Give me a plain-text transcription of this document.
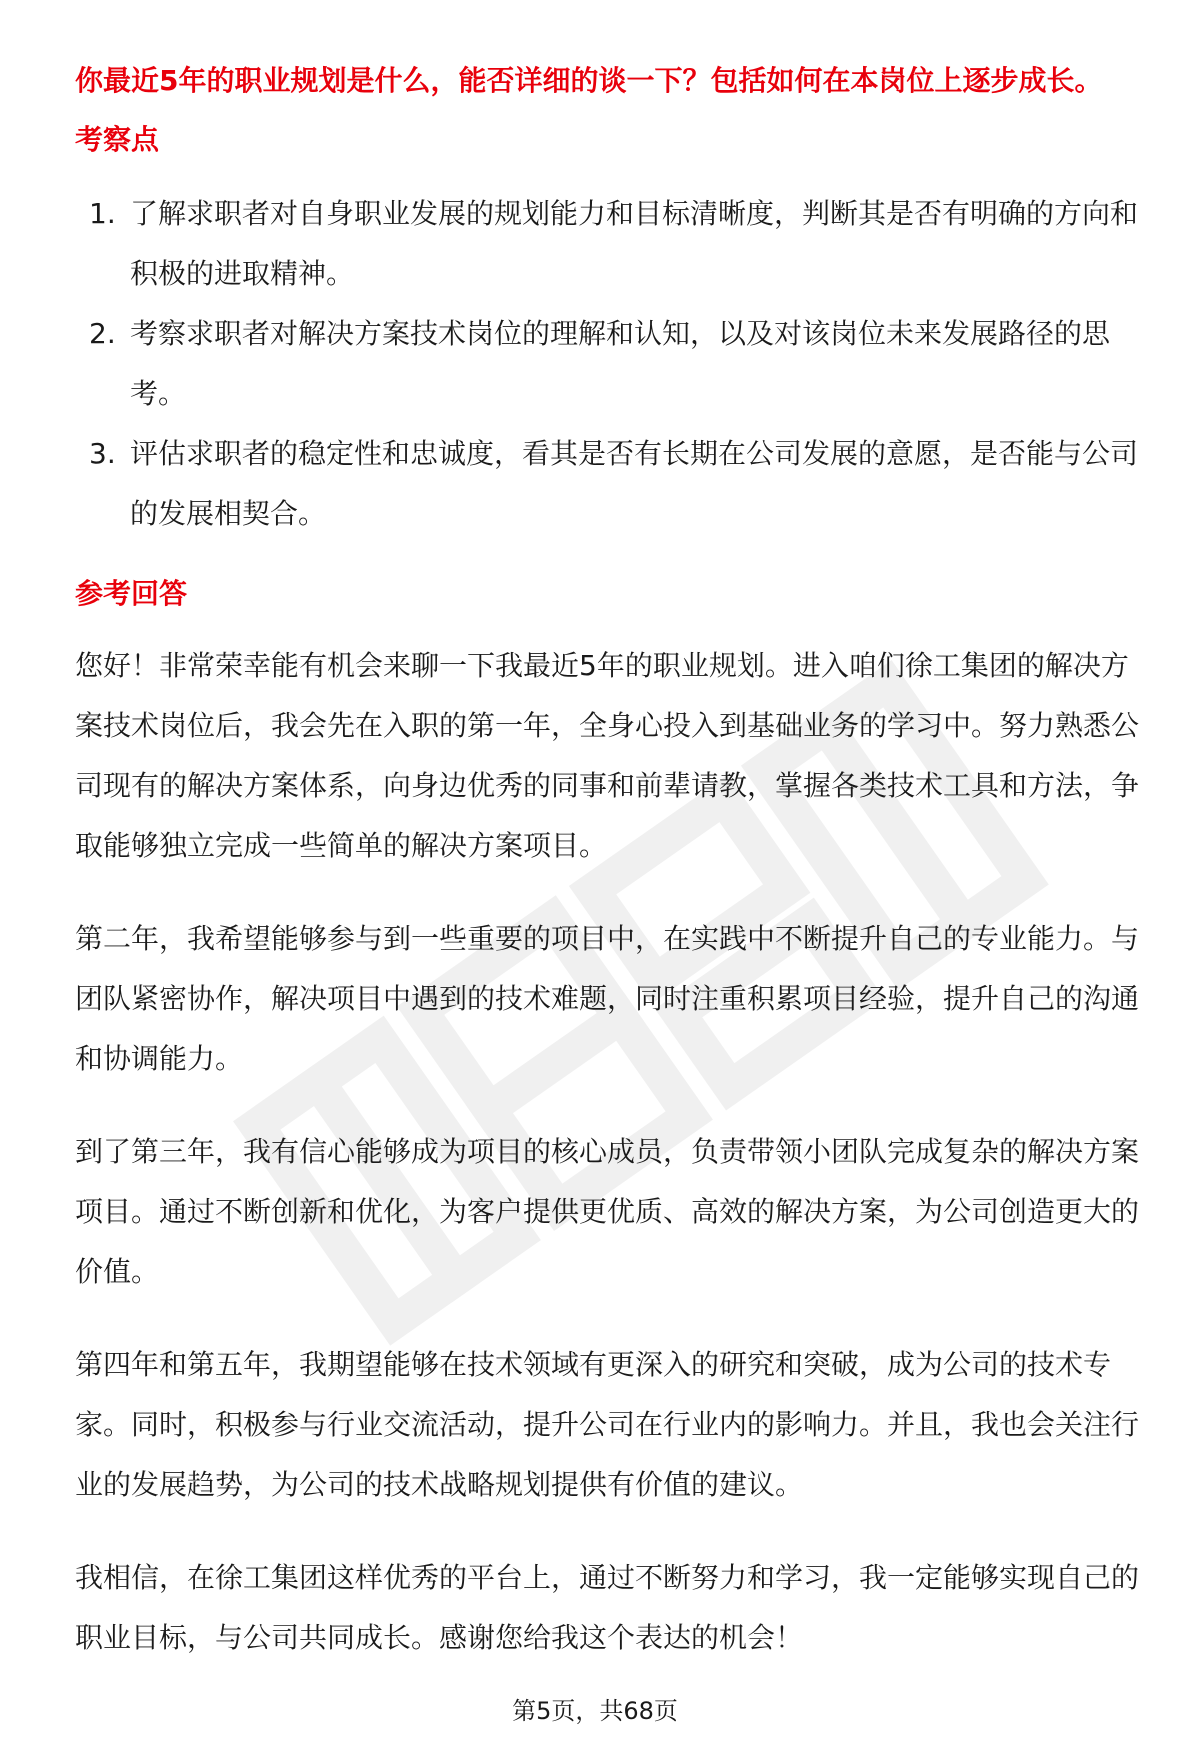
你最近5年的职业规划是什么，能否详细的谈一下？包括如何在本岗位上逐步成长。

考察点
1. 了解求职者对自身职业发展的规划能力和目标清晰度，判断其是否有明确的方向和积极的进取精神。
2. 考察求职者对解决方案技术岗位的理解和认知，以及对该岗位未来发展路径的思考。
3. 评估求职者的稳定性和忠诚度，看其是否有长期在公司发展的意愿，是否能与公司的发展相契合。
参考回答

您好！非常荣幸能有机会来聊一下我最近5年的职业规划。进入咱们徐工集团的解决方案技术岗位后，我会先在入职的第一年，全身心投入到基础业务的学习中。努力熟悉公司现有的解决方案体系，向身边优秀的同事和前辈请教，掌握各类技术工具和方法，争取能够独立完成一些简单的解决方案项目。

第二年，我希望能够参与到一些重要的项目中，在实践中不断提升自己的专业能力。与团队紧密协作，解决项目中遇到的技术难题，同时注重积累项目经验，提升自己的沟通和协调能力。

到了第三年，我有信心能够成为项目的核心成员，负责带领小团队完成复杂的解决方案项目。通过不断创新和优化，为客户提供更优质、高效的解决方案，为公司创造更大的价值。

第四年和第五年，我期望能够在技术领域有更深入的研究和突破，成为公司的技术专家。同时，积极参与行业交流活动，提升公司在行业内的影响力。并且，我也会关注行业的发展趋势，为公司的技术战略规划提供有价值的建议。

我相信，在徐工集团这样优秀的平台上，通过不断努力和学习，我一定能够实现自己的职业目标，与公司共同成长。感谢您给我这个表达的机会！

第5页，共68页
